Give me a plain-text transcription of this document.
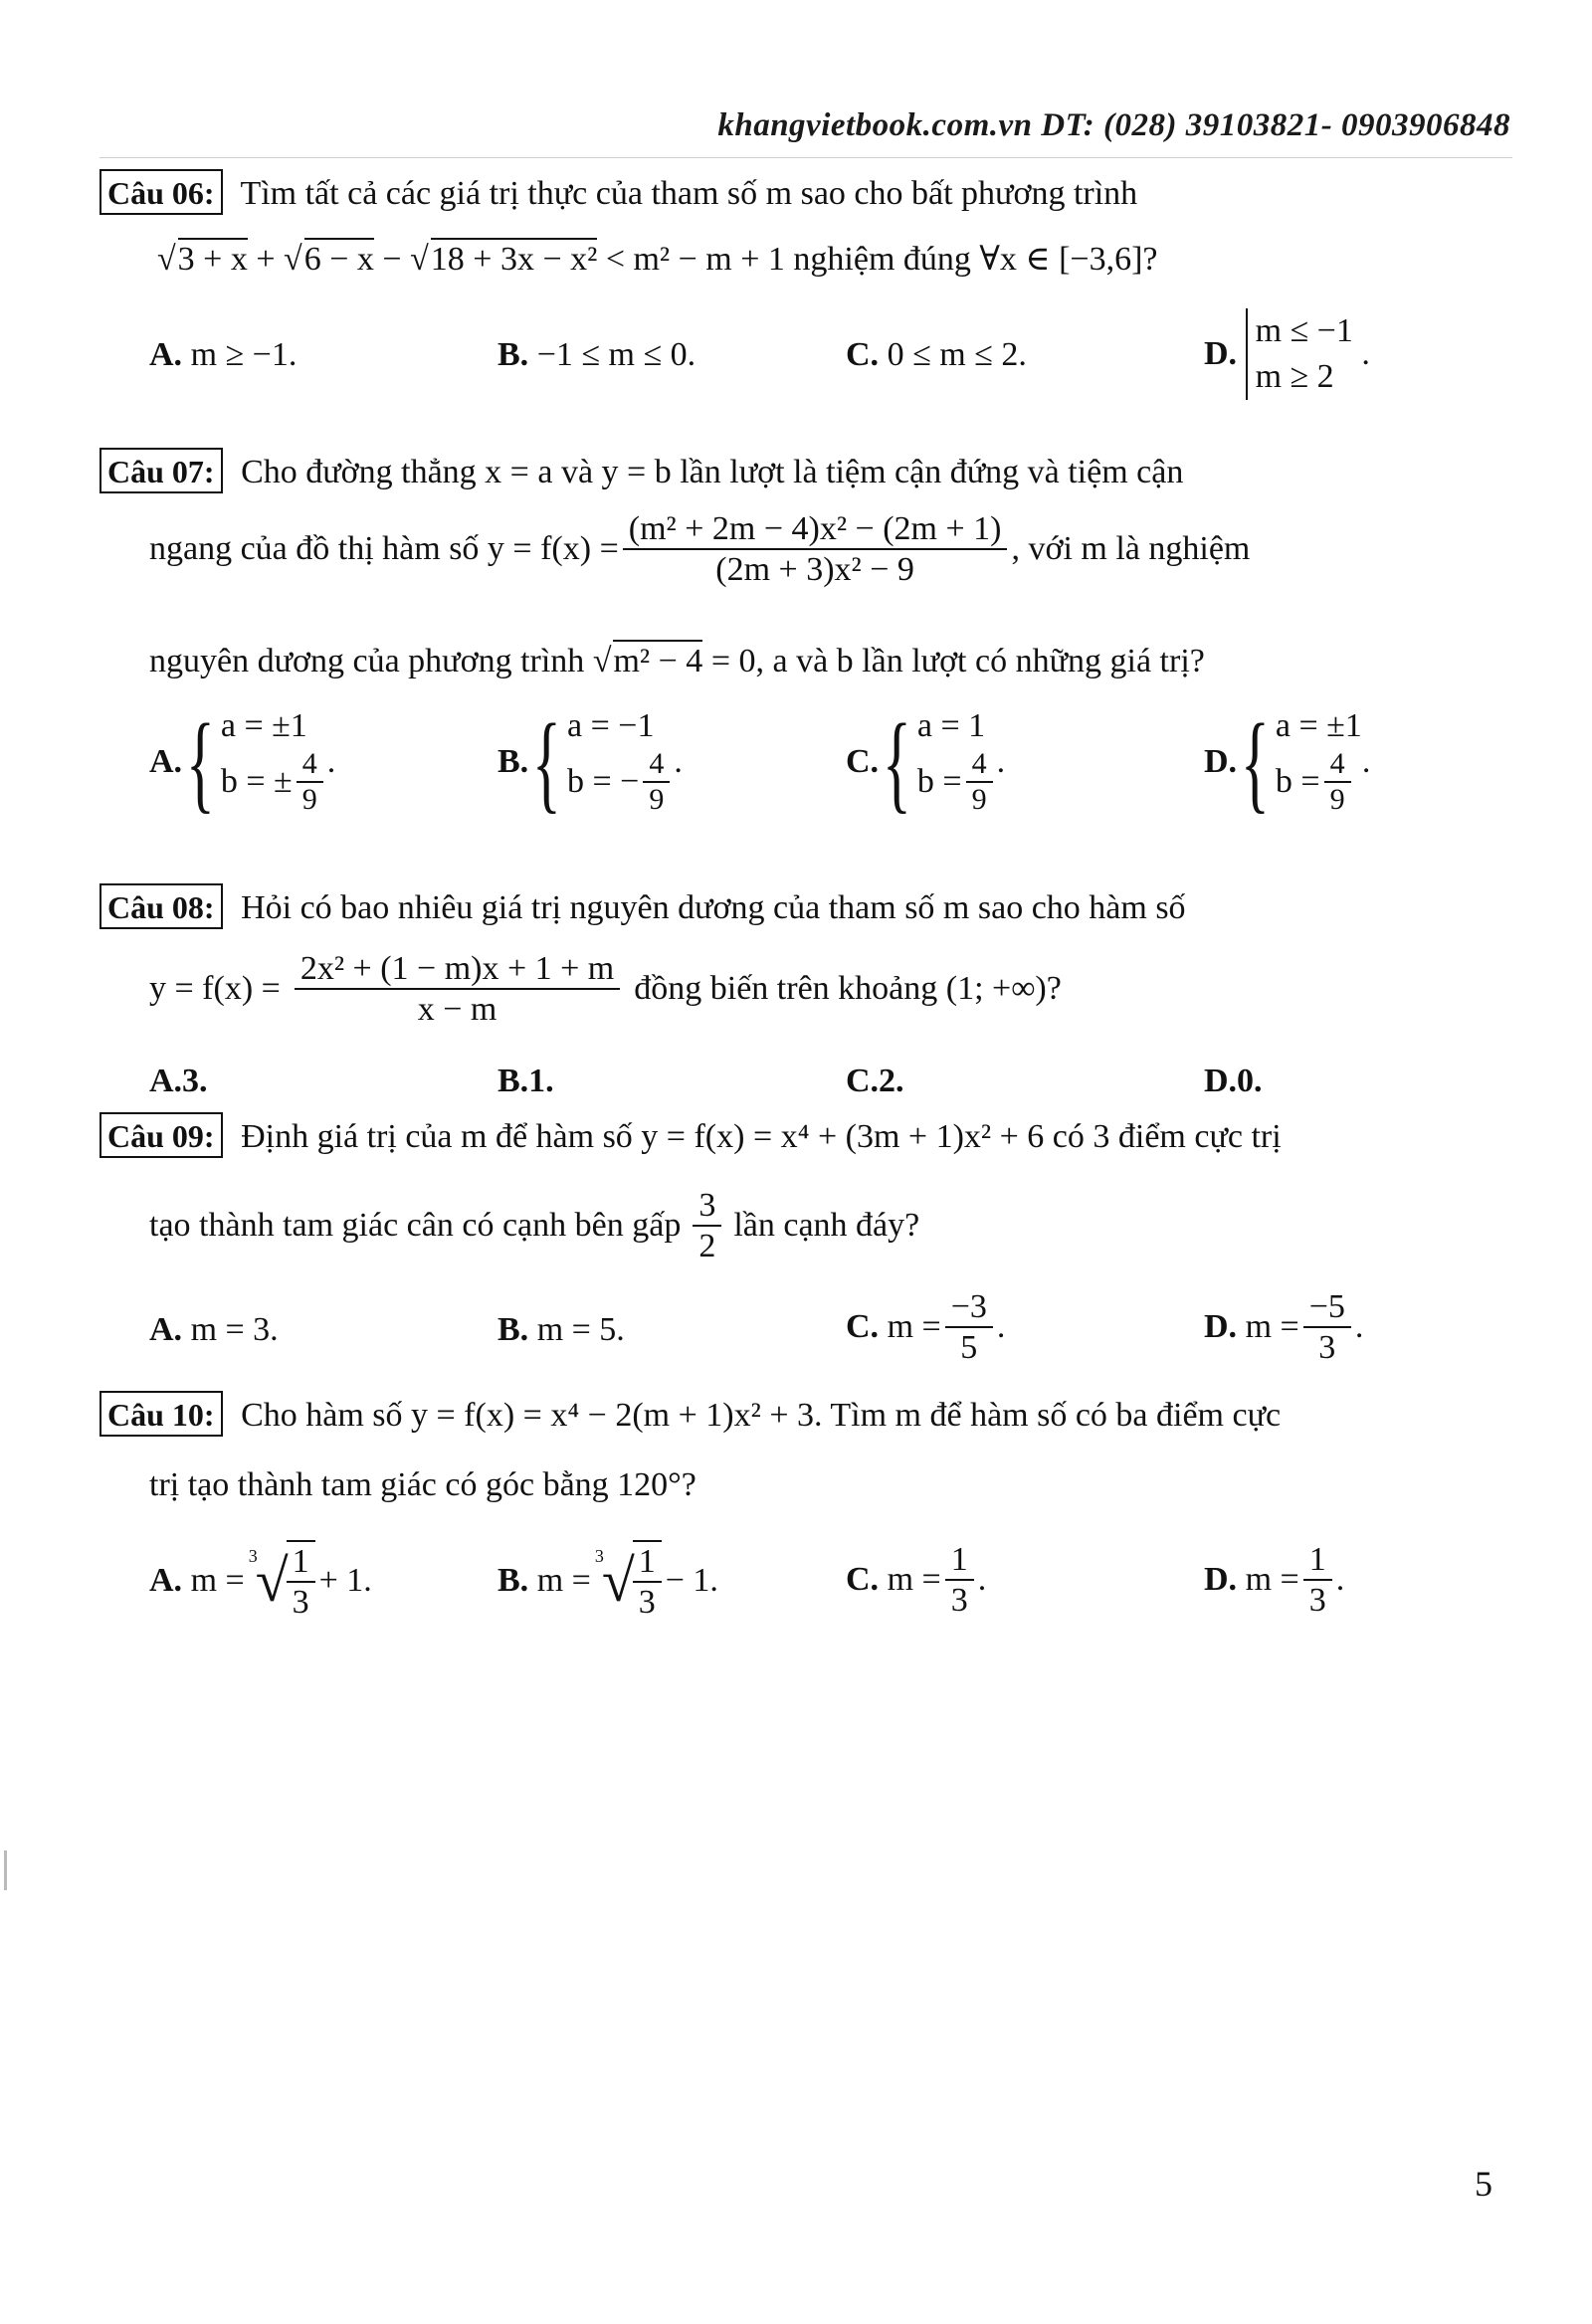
khangvietbook.com.vn DT: (028) 39103821- 0903906848
Câu 06: Tìm tất cả các giá trị thực của tham số m sao cho bất phương trình
√3 + x + √6 − x − √18 + 3x − x² < m² − m + 1 nghiệm đúng ∀x ∈ [−3,6]?
A. m ≥ −1.	B. −1 ≤ m ≤ 0.	C. 0 ≤ m ≤ 2.	D.
m ≤ −1
m ≥ 2
.
Câu 07: Cho đường thẳng x = a và y = b lần lượt là tiệm cận đứng và tiệm cận
ngang của đồ thị hàm số $y = f(x) = \frac{\text{(m² + 2m − 4)x² − (2m + 1)}}{\text{(2m + 3)x² − 9}}$ , với m là nghiệm
nguyên dương của phương trình √m² − 4 = 0, a và b lần lượt có những giá trị?
A. { a = ±1
b = ± $\frac{4}{9}$ .	B. { a = −1
b = − $\frac{4}{9}$ .	C. { a = 1
$b = \frac{4}{9}$ .	D. { a = ±1
$b = \frac{4}{9}$ .
Câu 08: Hỏi có bao nhiêu giá trị nguyên dương của tham số m sao cho hàm số
$y = f(x) = \frac{\text{2x² + (1 − m)x + 1 + m}}{x - m}$ đồng biến trên khoảng (1; +∞)?
A.3.	B.1.	C.2.	D.0.
Câu 09: Định giá trị của m để hàm số y = f(x) = x⁴ + (3m + 1)x² + 6 có 3 điểm cực trị
tạo thành tam giác cân có cạnh bên gấp $\frac{3}{2}$ lần cạnh đáy?
A. m = 3.	B. m = 5.	C.
$m = \frac{-3}{5}$ .	D.
$m = \frac{-5}{3}$ .
Câu 10: Cho hàm số y = f(x) = x⁴ − 2(m + 1)x² + 3. Tìm m để hàm số có ba điểm cực
trị tạo thành tam giác có góc bằng 120°?
A.
m =
$^3$
√
$\frac{1}{3} + 1$.	B.
m =
$^3$
√
$\frac{1}{3} - 1$.	C.
$m = \frac{1}{3}$ .	D.
$m = \frac{1}{3}$ .
5
